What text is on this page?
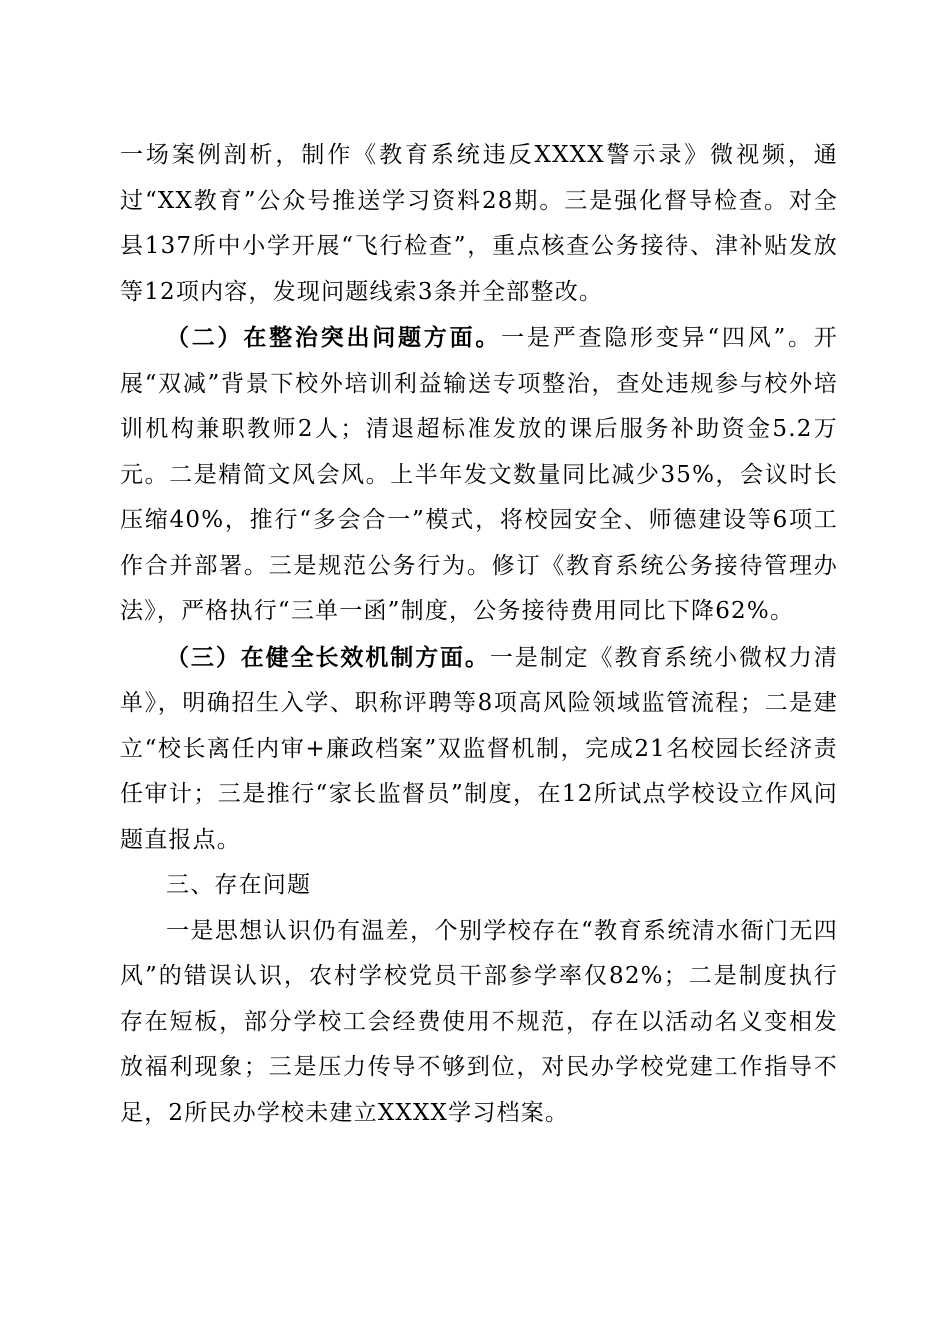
一场案例剖析，制作《教育系统违反XXXX警示录》微视频，通过“XX教育”公众号推送学习资料28期。三是强化督导检查。对全县137所中小学开展“飞行检查”，重点核查公务接待、津补贴发放等12项内容，发现问题线索3条并全部整改。

（二）在整治突出问题方面。一是严查隐形变异“四风”。开展“双减”背景下校外培训利益输送专项整治，查处违规参与校外培训机构兼职教师2人；清退超标准发放的课后服务补助资金5.2万元。二是精简文风会风。上半年发文数量同比减少35%，会议时长压缩40%，推行“多会合一”模式，将校园安全、师德建设等6项工作合并部署。三是规范公务行为。修订《教育系统公务接待管理办法》，严格执行“三单一函”制度，公务接待费用同比下降62%。

（三）在健全长效机制方面。一是制定《教育系统小微权力清单》，明确招生入学、职称评聘等8项高风险领域监管流程；二是建立“校长离任内审+廉政档案”双监督机制，完成21名校园长经济责任审计；三是推行“家长监督员”制度，在12所试点学校设立作风问题直报点。

三、存在问题

一是思想认识仍有温差，个别学校存在“教育系统清水衙门无四风”的错误认识，农村学校党员干部参学率仅82%；二是制度执行存在短板，部分学校工会经费使用不规范，存在以活动名义变相发放福利现象；三是压力传导不够到位，对民办学校党建工作指导不足，2所民办学校未建立XXXX学习档案。
